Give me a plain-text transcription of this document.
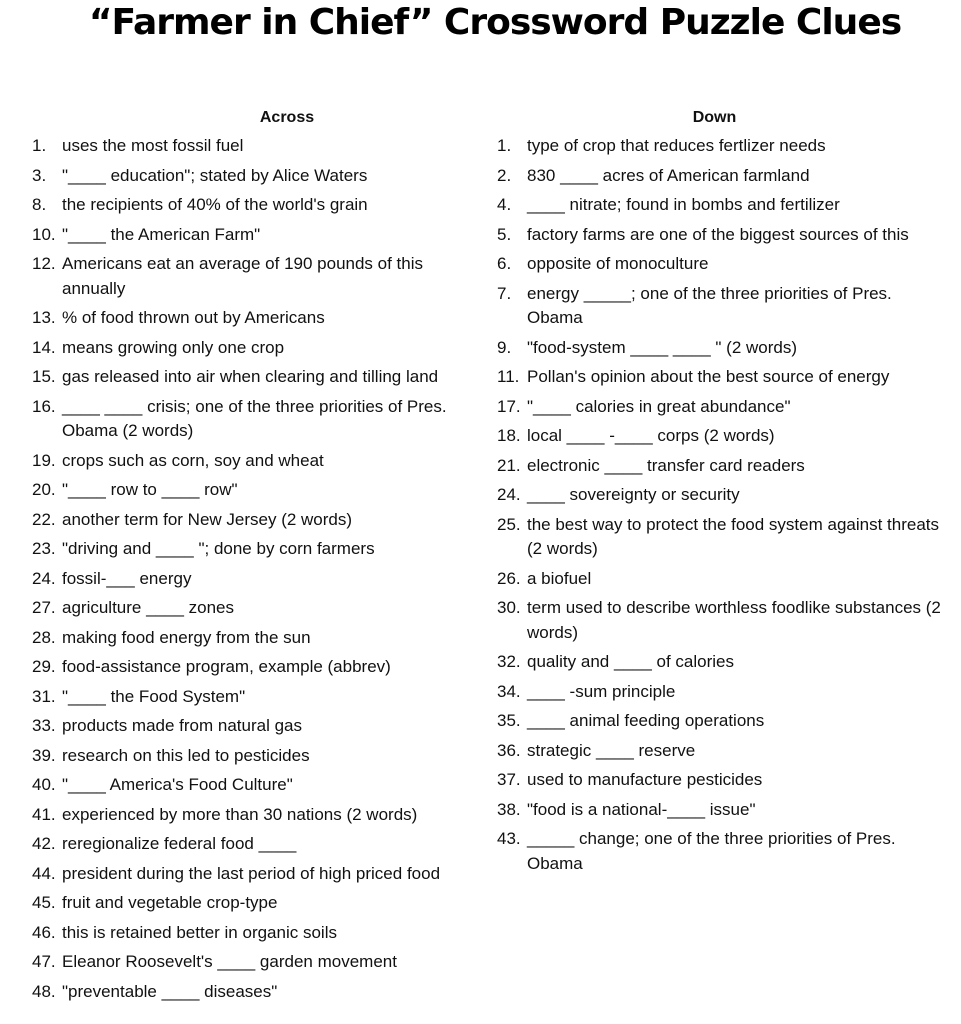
“Farmer in Chief” Crossword Puzzle Clues
Across
1. uses the most fossil fuel
3. "____ education"; stated by Alice Waters
8. the recipients of 40% of the world's grain
10. "____ the American Farm"
12. Americans eat an average of 190 pounds of this annually
13. % of food thrown out by Americans
14. means growing only one crop
15. gas released into air when clearing and tilling land
16. ____ ____ crisis; one of the three priorities of Pres. Obama (2 words)
19. crops such as corn, soy and wheat
20. "____ row to ____ row"
22. another term for New Jersey (2 words)
23. "driving and ____ "; done by corn farmers
24. fossil-___ energy
27. agriculture ____ zones
28. making food energy from the sun
29. food-assistance program, example (abbrev)
31. "____ the Food System"
33. products made from natural gas
39. research on this led to pesticides
40. "____ America's Food Culture"
41. experienced by more than 30 nations (2 words)
42. reregionalize federal food ____
44. president during the last period of high priced food
45. fruit and vegetable crop-type
46. this is retained better in organic soils
47. Eleanor Roosevelt's ____ garden movement
48. "preventable ____ diseases"
Down
1. type of crop that reduces fertlizer needs
2. 830 ____ acres of American farmland
4. ____ nitrate; found in bombs and fertilizer
5. factory farms are one of the biggest sources of this
6. opposite of monoculture
7. energy _____; one of the three priorities of Pres. Obama
9. "food-system ____ ____ " (2 words)
11. Pollan's opinion about the best source of energy
17. "____ calories in great abundance"
18. local ____ -____ corps (2 words)
21. electronic ____ transfer card readers
24. ____ sovereignty or security
25. the best way to protect the food system against threats (2 words)
26. a biofuel
30. term used to describe worthless foodlike substances (2 words)
32. quality and ____ of calories
34. ____ -sum principle
35. ____ animal feeding operations
36. strategic ____ reserve
37. used to manufacture pesticides
38. "food is a national-____ issue"
43. _____ change; one of the three priorities of Pres. Obama
